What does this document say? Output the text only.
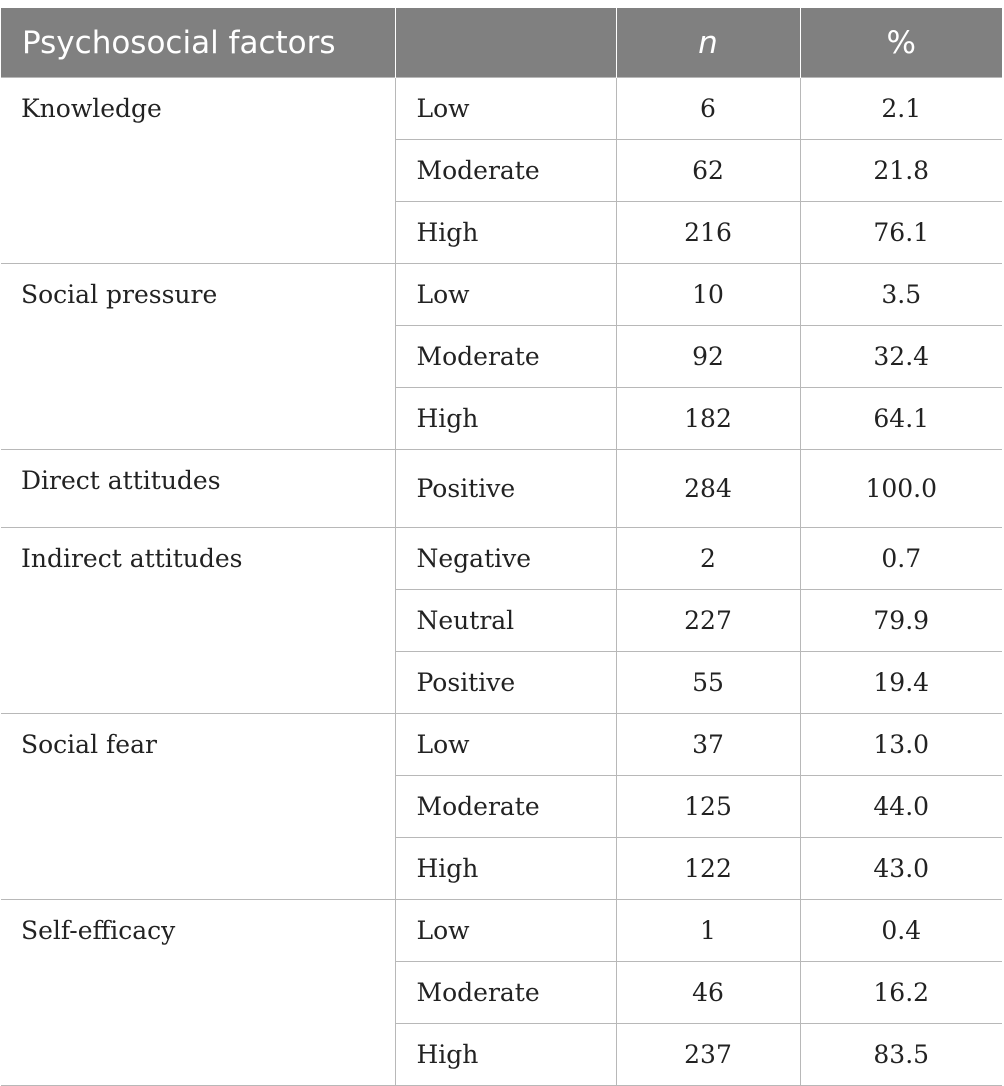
Psychosocial factors		n	%
Knowledge	Low	6	2.1
	Moderate	62	21.8
	High	216	76.1
Social pressure	Low	10	3.5
	Moderate	92	32.4
	High	182	64.1
Direct attitudes	Positive	284	100.0
Indirect attitudes	Negative	2	0.7
	Neutral	227	79.9
	Positive	55	19.4
Social fear	Low	37	13.0
	Moderate	125	44.0
	High	122	43.0
Self-efficacy	Low	1	0.4
	Moderate	46	16.2
	High	237	83.5
